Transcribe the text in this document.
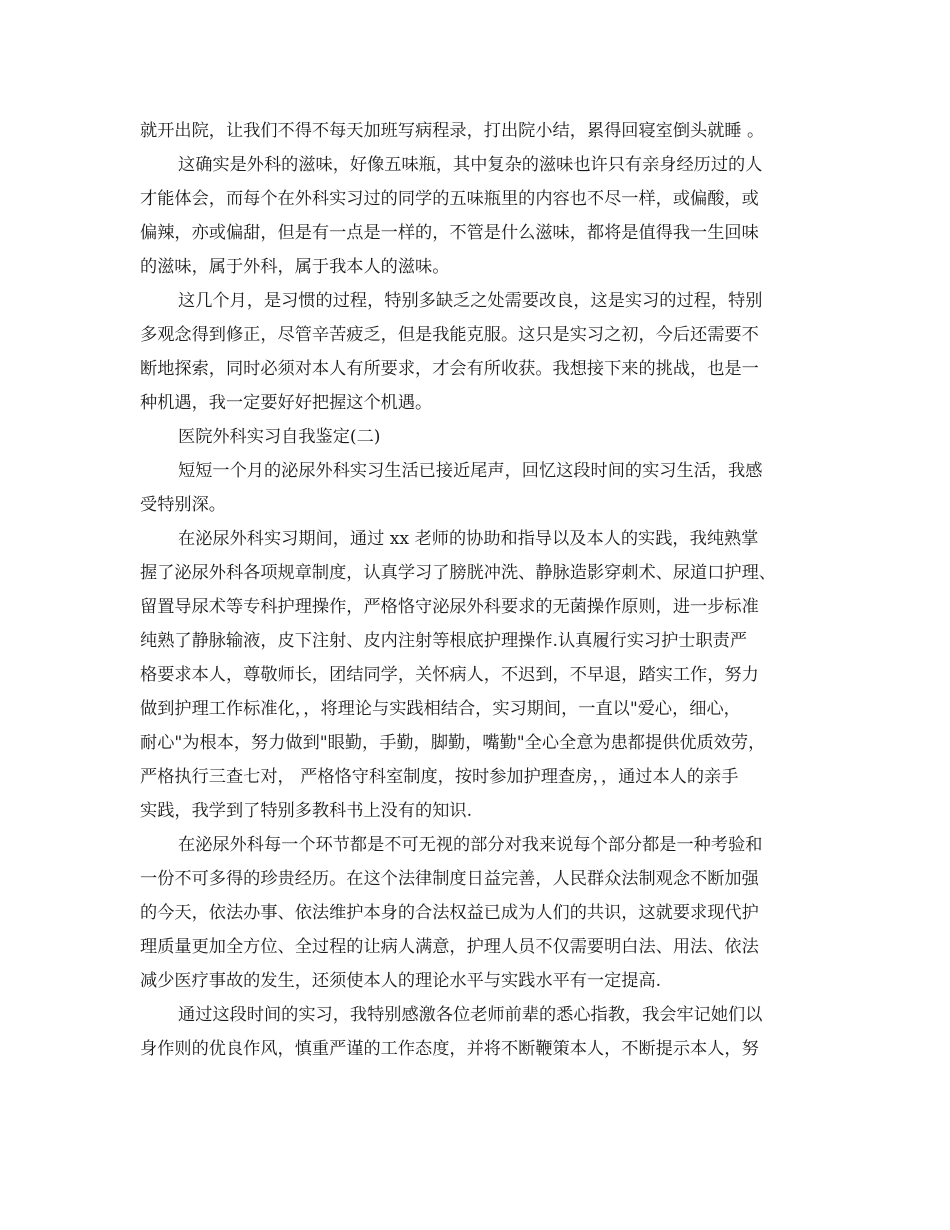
就开出院，让我们不得不每天加班写病程录，打出院小结，累得回寝室倒头就睡 。
这确实是外科的滋味，好像五味瓶，其中复杂的滋味也许只有亲身经历过的人
才能体会，而每个在外科实习过的同学的五味瓶里的内容也不尽一样，或偏酸，或
偏辣，亦或偏甜，但是有一点是一样的，不管是什么滋味，都将是值得我一生回味
的滋味，属于外科，属于我本人的滋味。
这几个月，是习惯的过程，特别多缺乏之处需要改良，这是实习的过程，特别
多观念得到修正，尽管辛苦疲乏，但是我能克服。这只是实习之初，今后还需要不
断地探索，同时必须对本人有所要求，才会有所收获。我想接下来的挑战，也是一
种机遇，我一定要好好把握这个机遇。
医院外科实习自我鉴定(二)
短短一个月的泌尿外科实习生活已接近尾声，回忆这段时间的实习生活，我感
受特别深。
在泌尿外科实习期间，通过 xx 老师的协助和指导以及本人的实践，我纯熟掌
握了泌尿外科各项规章制度，认真学习了膀胱冲洗、静脉造影穿刺术、尿道口护理、
留置导尿术等专科护理操作，严格恪守泌尿外科要求的无菌操作原则，进一步标准
纯熟了静脉输液，皮下注射、皮内注射等根底护理操作.认真履行实习护士职责严
格要求本人，尊敬师长，团结同学，关怀病人，不迟到，不早退，踏实工作，努力
做到护理工作标准化，，将理论与实践相结合，实习期间，一直以"爱心，细心，
耐心"为根本，努力做到"眼勤，手勤，脚勤，嘴勤"全心全意为患都提供优质效劳，
严格执行三查七对， 严格恪守科室制度，按时参加护理查房，，通过本人的亲手
实践，我学到了特别多教科书上没有的知识.
在泌尿外科每一个环节都是不可无视的部分对我来说每个部分都是一种考验和
一份不可多得的珍贵经历。在这个法律制度日益完善，人民群众法制观念不断加强
的今天，依法办事、依法维护本身的合法权益已成为人们的共识，这就要求现代护
理质量更加全方位、全过程的让病人满意，护理人员不仅需要明白法、用法、依法
减少医疗事故的发生，还须使本人的理论水平与实践水平有一定提高.
通过这段时间的实习，我特别感激各位老师前辈的悉心指教，我会牢记她们以
身作则的优良作风，慎重严谨的工作态度，并将不断鞭策本人，不断提示本人，努
